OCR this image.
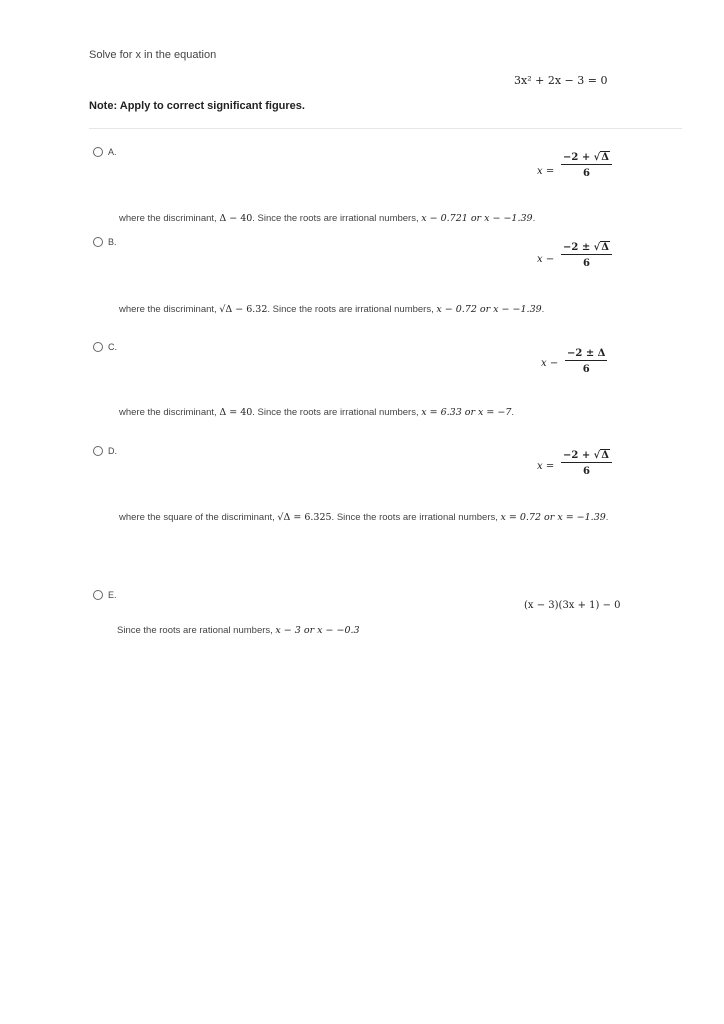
Solve for x in the equation
3x² + 2x − 3 = 0
Note: Apply to correct significant figures.
A.
$x = \frac{-2 + √\Delta}{6}$
where the discriminant, Δ − 40. Since the roots are irrational numbers, x − 0.721 or x − −1.39.
B.
$x - \frac{-2 \pm √\Delta}{6}$
where the discriminant, √Δ − 6.32. Since the roots are irrational numbers, x − 0.72 or x − −1.39.
C.
$x - \frac{-2 \pm \Delta}{6}$
where the discriminant, Δ = 40. Since the roots are irrational numbers, x = 6.33 or x = −7.
D.
$x = \frac{-2 + √\Delta}{6}$
where the square of the discriminant, √Δ = 6.325. Since the roots are irrational numbers, x = 0.72 or x = −1.39.
E.
(x − 3)(3x + 1) − 0
Since the roots are rational numbers, x − 3 or x − −0.3
